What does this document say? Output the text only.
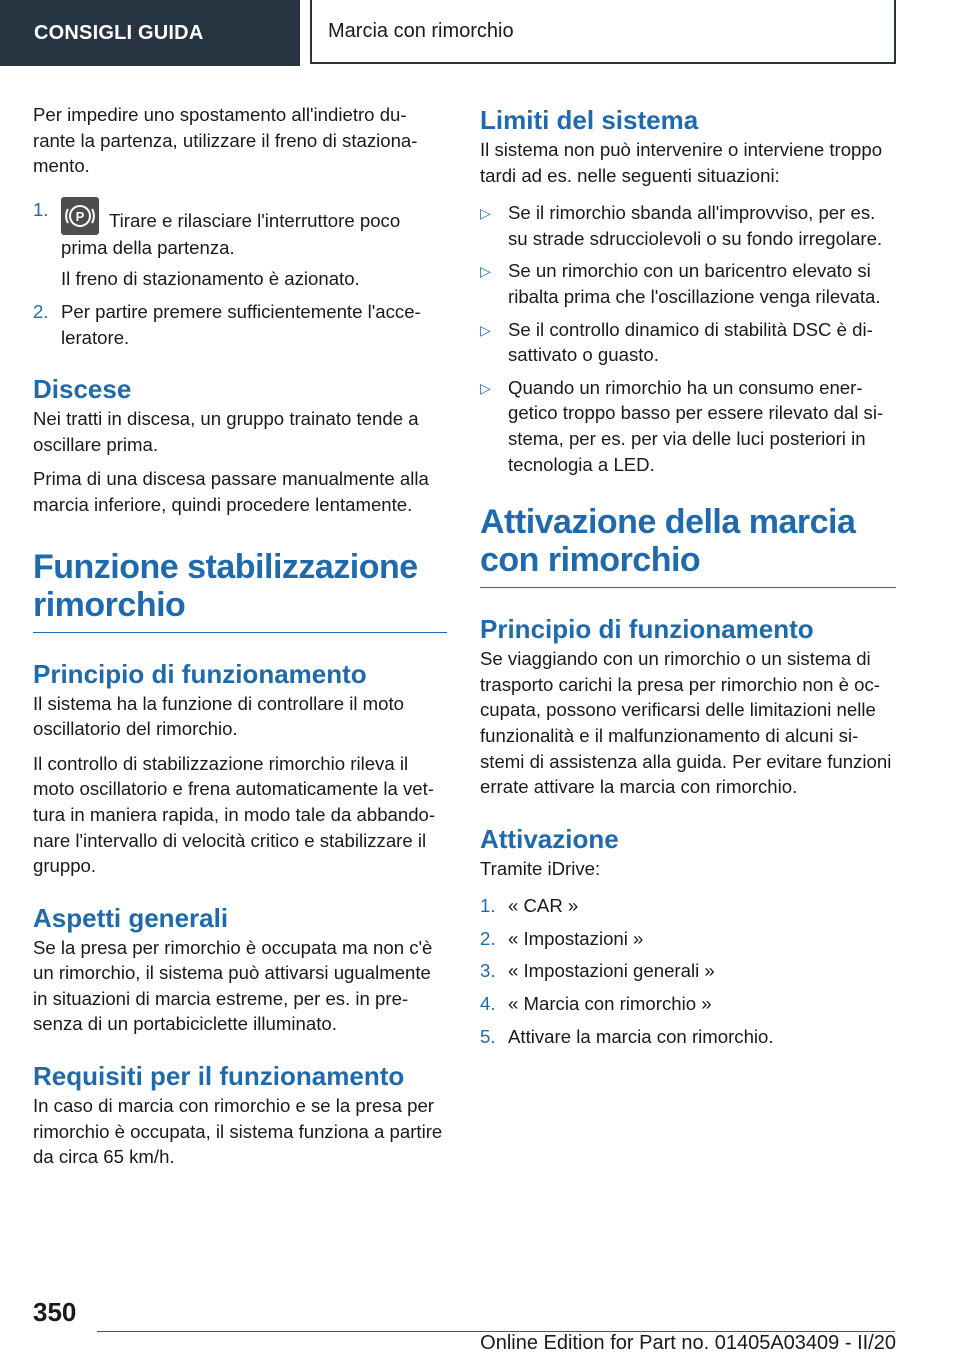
CONSIGLI GUIDA	Marcia con rimorchio

Per impedire uno spostamento all'indietro du-rante la partenza, utilizzare il freno di staziona-mento.

1. P Tirare e rilasciare l'interruttore poco prima della partenza.
Il freno di stazionamento è azionato.
2. Per partire premere sufficientemente l'acce-leratore.
Discese

Nei tratti in discesa, un gruppo trainato tende a oscillare prima.

Prima di una discesa passare manualmente alla marcia inferiore, quindi procedere lentamente.

Funzione stabilizzazione rimorchio
Principio di funzionamento

Il sistema ha la funzione di controllare il moto oscillatorio del rimorchio.

Il controllo di stabilizzazione rimorchio rileva il moto oscillatorio e frena automaticamente la vet-tura in maniera rapida, in modo tale da abbando-nare l'intervallo di velocità critico e stabilizzare il gruppo.

Aspetti generali

Se la presa per rimorchio è occupata ma non c'è un rimorchio, il sistema può attivarsi ugualmente in situazioni di marcia estreme, per es. in pre-senza di un portabiciclette illuminato.

Requisiti per il funzionamento

In caso di marcia con rimorchio e se la presa per rimorchio è occupata, il sistema funziona a partire da circa 65 km/h.

Limiti del sistema

Il sistema non può intervenire o interviene troppo tardi ad es. nelle seguenti situazioni:

▷ Se il rimorchio sbanda all'improvviso, per es. su strade sdrucciolevoli o su fondo irregolare.
▷ Se un rimorchio con un baricentro elevato si ribalta prima che l'oscillazione venga rilevata.
▷ Se il controllo dinamico di stabilità DSC è di-sattivato o guasto.
▷ Quando un rimorchio ha un consumo ener-getico troppo basso per essere rilevato dal si-stema, per es. per via delle luci posteriori in tecnologia a LED.
Attivazione della marcia con rimorchio
Principio di funzionamento

Se viaggiando con un rimorchio o un sistema di trasporto carichi la presa per rimorchio non è oc-cupata, possono verificarsi delle limitazioni nelle funzionalità e il malfunzionamento di alcuni si-stemi di assistenza alla guida. Per evitare funzioni errate attivare la marcia con rimorchio.

Attivazione

Tramite iDrive:

1. « CAR »
2. « Impostazioni »
3. « Impostazioni generali »
4. « Marcia con rimorchio »
5. Attivare la marcia con rimorchio.
350
Online Edition for Part no. 01405A03409 - II/20
